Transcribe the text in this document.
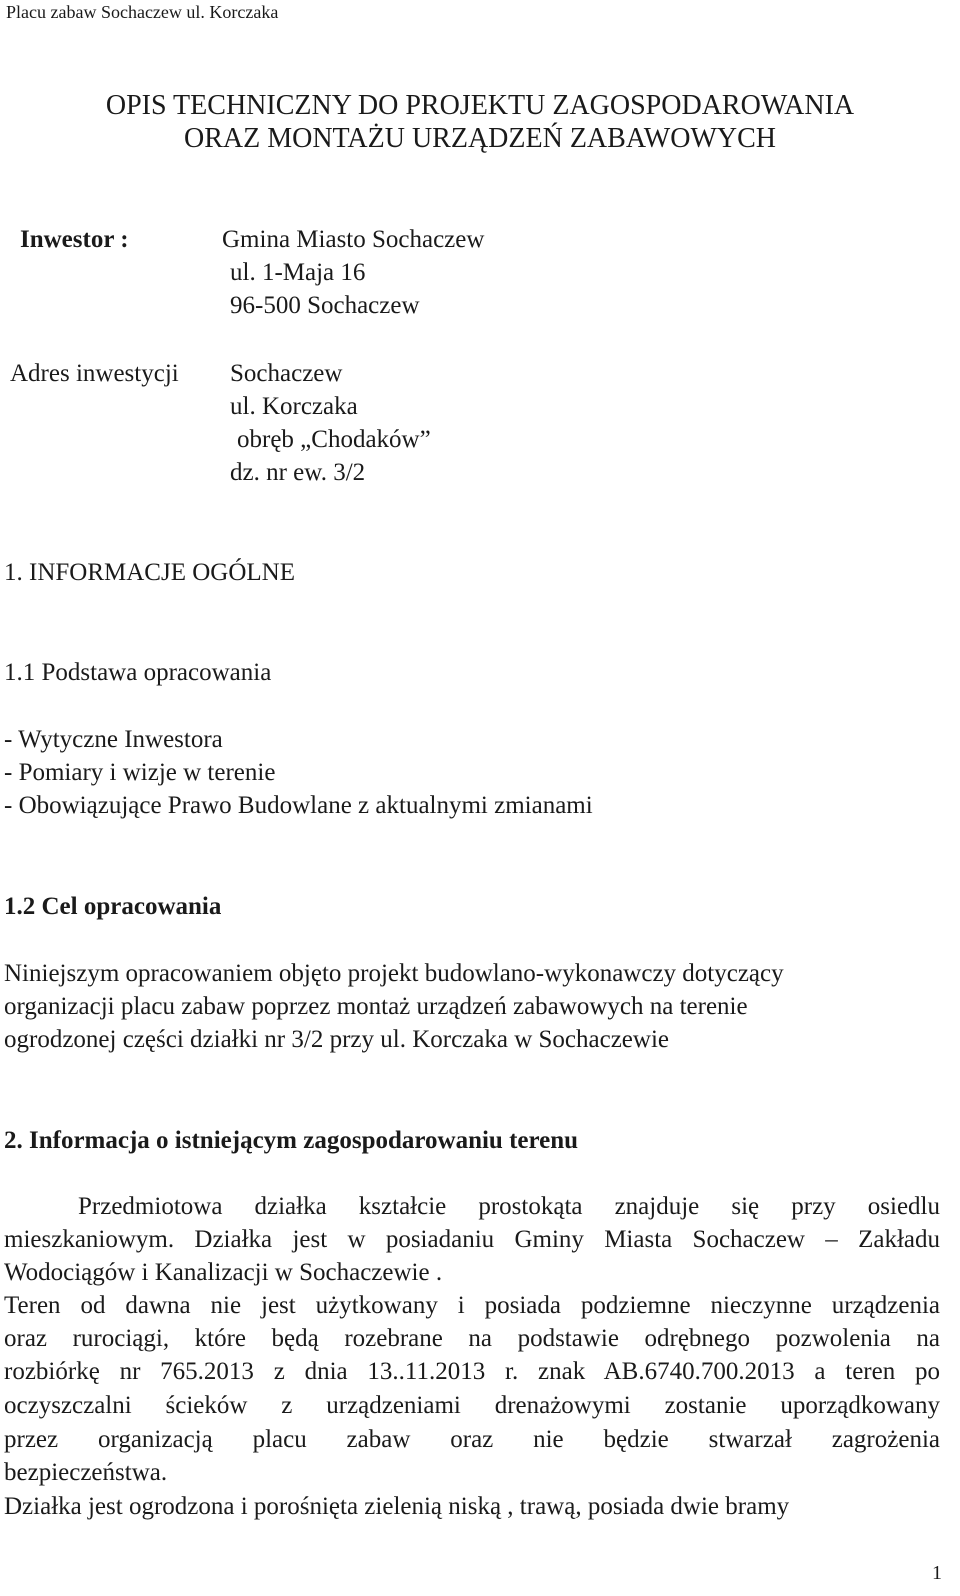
Placu zabaw Sochaczew ul. Korczaka
OPIS TECHNICZNY DO PROJEKTU ZAGOSPODAROWANIA
ORAZ MONTAŻU URZĄDZEŃ ZABAWOWYCH
Inwestor :	Gmina Miasto Sochaczew
ul. 1-Maja 16
96-500 Sochaczew
Adres inwestycji Sochaczew
ul. Korczaka
obręb „Chodaków”
dz. nr ew. 3/2
1. INFORMACJE OGÓLNE
1.1 Podstawa opracowania
- Wytyczne Inwestora
- Pomiary i wizje w terenie
- Obowiązujące Prawo Budowlane z aktualnymi zmianami
1.2 Cel opracowania
Niniejszym opracowaniem objęto projekt budowlano-wykonawczy dotyczący
organizacji placu zabaw poprzez montaż urządzeń zabawowych na terenie
ogrodzonej części działki nr 3/2 przy ul. Korczaka w Sochaczewie
2. Informacja o istniejącym zagospodarowaniu terenu
Przedmiotowa działka kształcie prostokąta znajduje się przy osiedlu
mieszkaniowym. Działka jest w posiadaniu Gminy Miasta Sochaczew – Zakładu
Wodociągów i Kanalizacji w Sochaczewie .
Teren od dawna nie jest użytkowany i posiada podziemne nieczynne urządzenia
oraz rurociągi, które będą rozebrane na podstawie odrębnego pozwolenia na
rozbiórkę nr 765.2013 z dnia 13..11.2013 r. znak AB.6740.700.2013 a teren po
oczyszczalni ścieków z urządzeniami drenażowymi zostanie uporządkowany
przez organizacją placu zabaw oraz nie będzie stwarzał zagrożenia
bezpieczeństwa.
Działka jest ogrodzona i porośnięta zielenią niską , trawą, posiada dwie bramy
1
